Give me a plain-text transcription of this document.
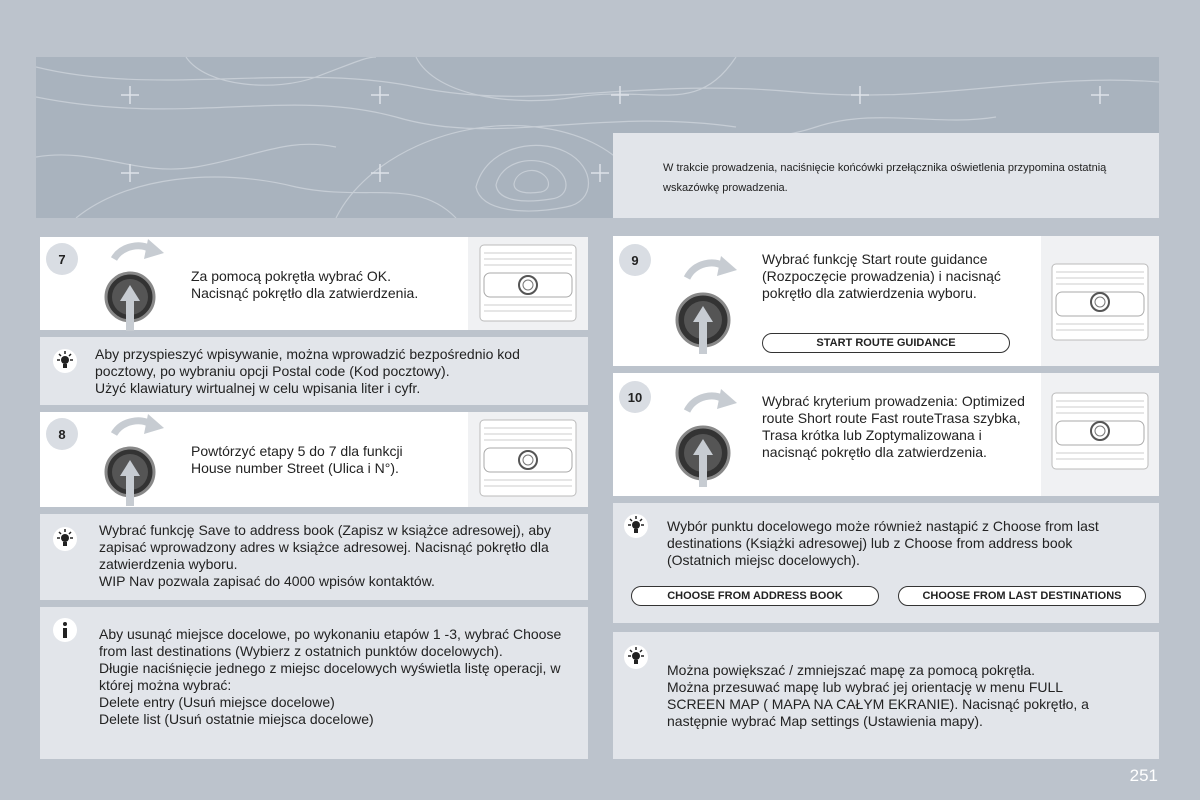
W trakcie prowadzenia, naciśnięcie końcówki przełącznika oświetlenia przypomina ostatnią wskazówkę prowadzenia.

7
Za pomocą pokrętła wybrać OK.
Nacisnąć pokrętło dla zatwierdzenia.
Aby przyspieszyć wpisywanie, można wprowadzić bezpośrednio kod pocztowy, po wybraniu opcji Postal code (Kod pocztowy).
Użyć klawiatury wirtualnej w celu wpisania liter i cyfr.
8
Powtórzyć etapy 5 do 7 dla funkcji
House number Street (Ulica i N°).
Wybrać funkcję Save to address book (Zapisz w książce adresowej), aby zapisać wprowadzony adres w książce adresowej. Nacisnąć pokrętło dla zatwierdzenia wyboru.
WIP Nav pozwala zapisać do 4000 wpisów kontaktów.
Aby usunąć miejsce docelowe, po wykonaniu etapów 1 -3, wybrać Choose from last destinations (Wybierz z ostatnich punktów docelowych).
Długie naciśnięcie jednego z miejsc docelowych wyświetla listę operacji, w której można wybrać:
Delete entry (Usuń miejsce docelowe)
Delete list (Usuń ostatnie miejsca docelowe)
9	Wybrać funkcję Start route guidance (Rozpoczęcie prowadzenia) i nacisnąć pokrętło dla zatwierdzenia wyboru.
START ROUTE GUIDANCE
10	Wybrać kryterium prowadzenia: Optimized route Short route Fast routeTrasa szybka, Trasa krótka lub Zoptymalizowana i nacisnąć pokrętło dla zatwierdzenia.
Wybór punktu docelowego może również nastąpić z Choose from last destinations (Książki adresowej) lub z Choose from address book (Ostatnich miejsc docelowych).
CHOOSE FROM ADDRESS BOOK	CHOOSE FROM LAST DESTINATIONS
Można powiększać / zmniejszać mapę za pomocą pokrętła.
Można przesuwać mapę lub wybrać jej orientację w menu FULL SCREEN MAP ( MAPA NA CAŁYM EKRANIE). Nacisnąć pokrętło, a następnie wybrać Map settings (Ustawienia mapy).
251
